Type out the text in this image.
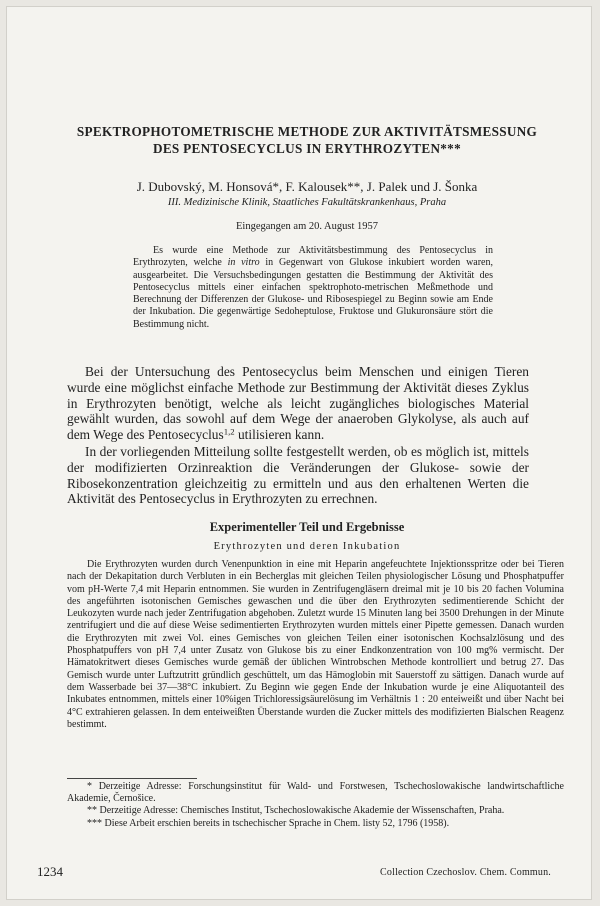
SPEKTROPHOTOMETRISCHE METHODE ZUR AKTIVITÄTSMESSUNG
DES PENTOSECYCLUS IN ERYTHROZYTEN***
J. Dubovský, M. Honsová*, F. Kalousek**, J. Palek und J. Šonka
III. Medizinische Klinik, Staatliches Fakultätskrankenhaus, Praha
Eingegangen am 20. August 1957

Es wurde eine Methode zur Aktivitätsbestimmung des Pentosecyclus in Erythrozyten, welche in vitro in Gegenwart von Glukose inkubiert worden waren, ausgearbeitet. Die Versuchsbedingungen gestatten die Bestimmung der Aktivität des Pentosecyclus mittels einer einfachen spektrophoto-metrischen Meßmethode und Berechnung der Differenzen der Glukose- und Ribosespiegel zu Beginn sowie am Ende der Inkubation. Die gegenwärtige Sedoheptulose, Fruktose und Glukuronsäure stört die Bestimmung nicht.

Bei der Untersuchung des Pentosecyclus beim Menschen und einigen Tieren wurde eine möglichst einfache Methode zur Bestimmung der Aktivität dieses Zyklus in Erythrozyten benötigt, welche als leicht zugängliches biologisches Material gewählt wurden, das sowohl auf dem Wege der anaeroben Glykolyse, als auch auf dem Wege des Pentosecyclus$^{1,2}$ utilisieren kann.

In der vorliegenden Mitteilung sollte festgestellt werden, ob es möglich ist, mittels der modifizierten Orzinreaktion die Veränderungen der Glukose- sowie der Ribosekonzentration gleichzeitig zu ermitteln und aus den erhaltenen Werten die Aktivität des Pentosecyclus in Erythrozyten zu errechnen.

Experimenteller Teil und Ergebnisse
Erythrozyten und deren Inkubation

Die Erythrozyten wurden durch Venenpunktion in eine mit Heparin angefeuchtete Injektionsspritze oder bei Tieren nach der Dekapitation durch Verbluten in ein Becherglas mit gleichen Teilen physiologischer Lösung und Phosphatpuffer vom pH-Werte 7,4 mit Heparin entnommen. Sie wurden in Zentrifugengläsern dreimal mit je 10 bis 20 fachen Volumina des angeführten isotonischen Gemisches gewaschen und die über den Erythrozyten sedimentierende Schicht der Leukozyten wurde nach jeder Zentrifugation abgehoben. Zuletzt wurde 15 Minuten lang bei 3500 Drehungen in der Minute zentrifugiert und die auf diese Weise sedimentierten Erythrozyten wurden mittels einer Pipette gemessen. Danach wurden die Erythrozyten mit zwei Vol. eines Gemisches von gleichen Teilen einer isotonischen Kochsalzlösung und des Phosphatpuffers von pH 7,4 unter Zusatz von Glukose bis zu einer Endkonzentration von 100 mg% vermischt. Der Hämatokritwert dieses Gemisches wurde gemäß der üblichen Wintrobschen Methode kontrolliert und betrug 27. Das Gemisch wurde unter Luftzutritt gründlich geschüttelt, um das Hämoglobin mit Sauerstoff zu sättigen. Danach wurde auf dem Wasserbade bei 37—38°C inkubiert. Zu Beginn wie gegen Ende der Inkubation wurde je eine Aliquotanteil des Inkubates entnommen, mittels einer 10%igen Trichloressigsäurelösung im Verhältnis 1 : 20 enteiweißt und über Nacht bei 4°C extrahieren gelassen. In dem enteiweißten Überstande wurden die Zucker mittels des modifizierten Bialschen Reagenz bestimmt.

* Derzeitige Adresse: Forschungsinstitut für Wald- und Forstwesen, Tschechoslowakische landwirtschaftliche Akademie, Černošice.

** Derzeitige Adresse: Chemisches Institut, Tschechoslowakische Akademie der Wissenschaften, Praha.

*** Diese Arbeit erschien bereits in tschechischer Sprache in Chem. listy 52, 1796 (1958).

1234	Collection Czechoslov. Chem. Commun.
